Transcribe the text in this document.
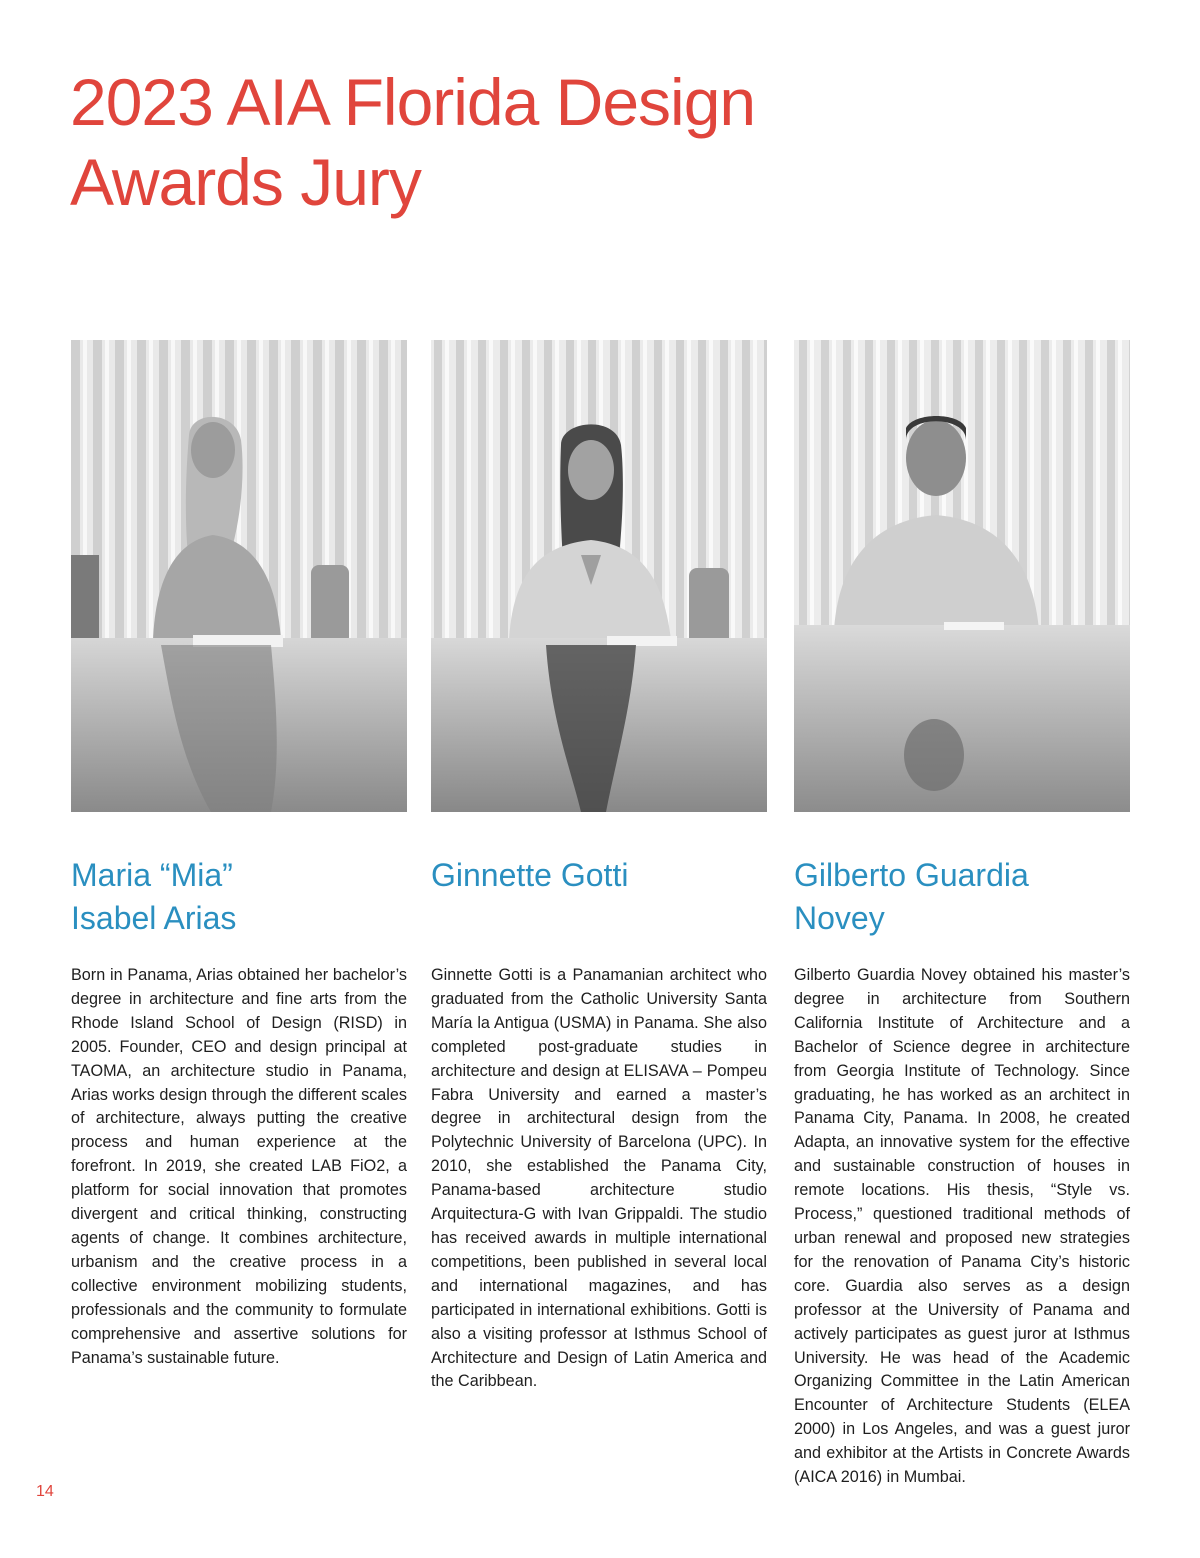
2023 AIA Florida Design
Awards Jury
Maria “Mia”
Isabel Arias
Born in Panama, Arias obtained her bachelor’s degree in architecture and fine arts from the Rhode Island School of Design (RISD) in 2005. Founder, CEO and design principal at TAOMA, an architecture studio in Panama, Arias works design through the different scales of architecture, always putting the creative process and human experience at the forefront. In 2019, she created LAB FiO2, a platform for social innovation that promotes divergent and critical thinking, constructing agents of change. It combines architecture, urbanism and the creative process in a collective environment mobilizing students, professionals and the community to formulate comprehensive and assertive solutions for Panama’s sustainable future.
Ginnette Gotti

Ginnette Gotti is a Panamanian architect who graduated from the Catholic University Santa María la Antigua (USMA) in Panama. She also completed post-graduate studies in architecture and design at ELISAVA – Pompeu Fabra University and earned a master’s degree in architectural design from the Polytechnic University of Barcelona (UPC). In 2010, she established the Panama City, Panama-based architecture studio Arquitectura-G with Ivan Grippaldi. The studio has received awards in multiple international competitions, been published in several local and international magazines, and has participated in international exhibitions. Gotti is also a visiting professor at Isthmus School of Architecture and Design of Latin America and the Caribbean.
Gilberto Guardia
Novey
Gilberto Guardia Novey obtained his master’s degree in architecture from Southern California Institute of Architecture and a Bachelor of Science degree in architecture from Georgia Institute of Technology. Since graduating, he has worked as an architect in Panama City, Panama. In 2008, he created Adapta, an innovative system for the effective and sustainable construction of houses in remote locations. His thesis, “Style vs. Process,” questioned traditional methods of urban renewal and proposed new strategies for the renovation of Panama City’s historic core. Guardia also serves as a design professor at the University of Panama and actively participates as guest juror at Isthmus University. He was head of the Academic Organizing Committee in the Latin American Encounter of Architecture Students (ELEA 2000) in Los Angeles, and was a guest juror and exhibitor at the Artists in Concrete Awards (AICA 2016) in Mumbai.
14
